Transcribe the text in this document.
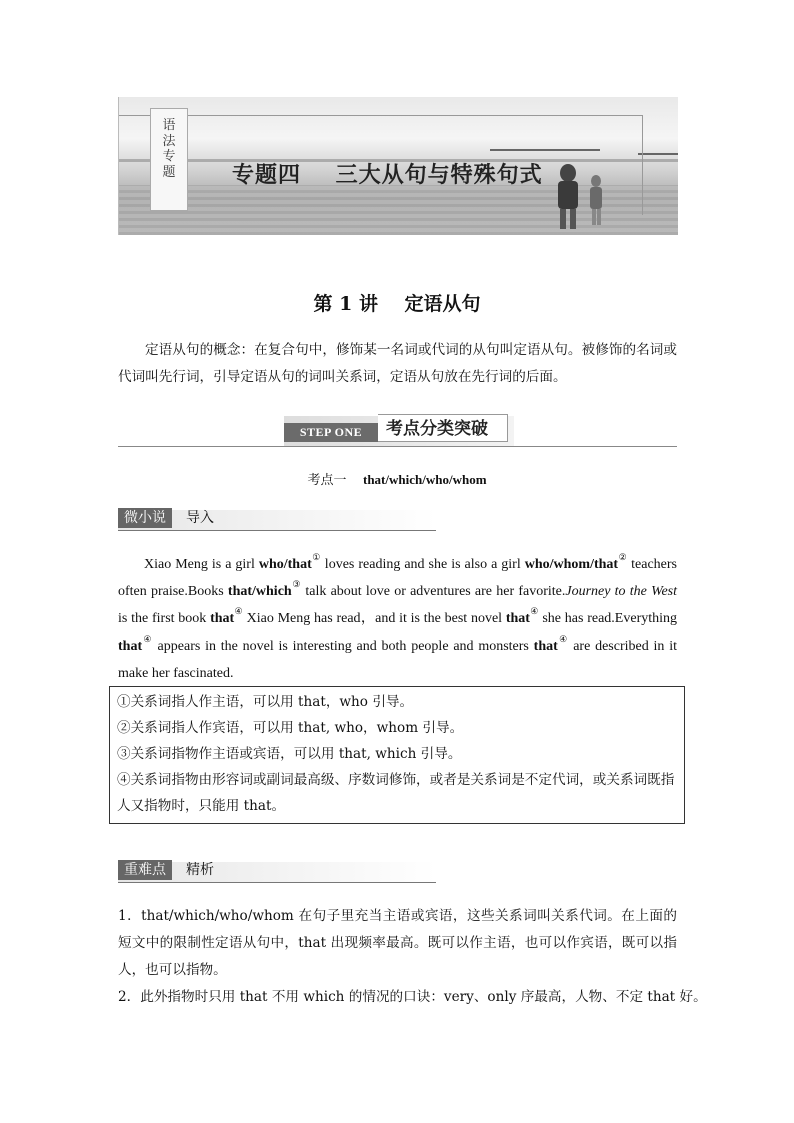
语
法
专
题	专题四    三大从句与特殊句式
第 1 讲    定语从句
定语从句的概念：在复合句中，修饰某一名词或代词的从句叫定语从句。被修饰的名词或代词叫先行词，引导定语从句的词叫关系词，定语从句放在先行词的后面。
STEP ONE	考点分类突破
考点一 that/which/who/whom
微小说	导入
Xiao Meng is a girl who/that① loves reading and she is also a girl who/whom/that② teachers often praise.Books that/which③ talk about love or adventures are her favorite.Journey to the West is the first book that④ Xiao Meng has read，and it is the best novel that④ she has read.Everything that④ appears in the novel is interesting and both people and monsters that④ are described in it make her fascinated.
①关系词指人作主语，可以用 that，who 引导。
②关系词指人作宾语，可以用 that, who，whom 引导。
③关系词指物作主语或宾语，可以用 that, which 引导。
④关系词指物由形容词或副词最高级、序数词修饰，或者是关系词是不定代词，或关系词既指人又指物时，只能用 that。
重难点	精析
1．that/which/who/whom 在句子里充当主语或宾语，这些关系词叫关系代词。在上面的短文中的限制性定语从句中，that 出现频率最高。既可以作主语，也可以作宾语，既可以指人，也可以指物。
2．此外指物时只用 that 不用 which 的情况的口诀：very、only 序最高，人物、不定 that 好。
